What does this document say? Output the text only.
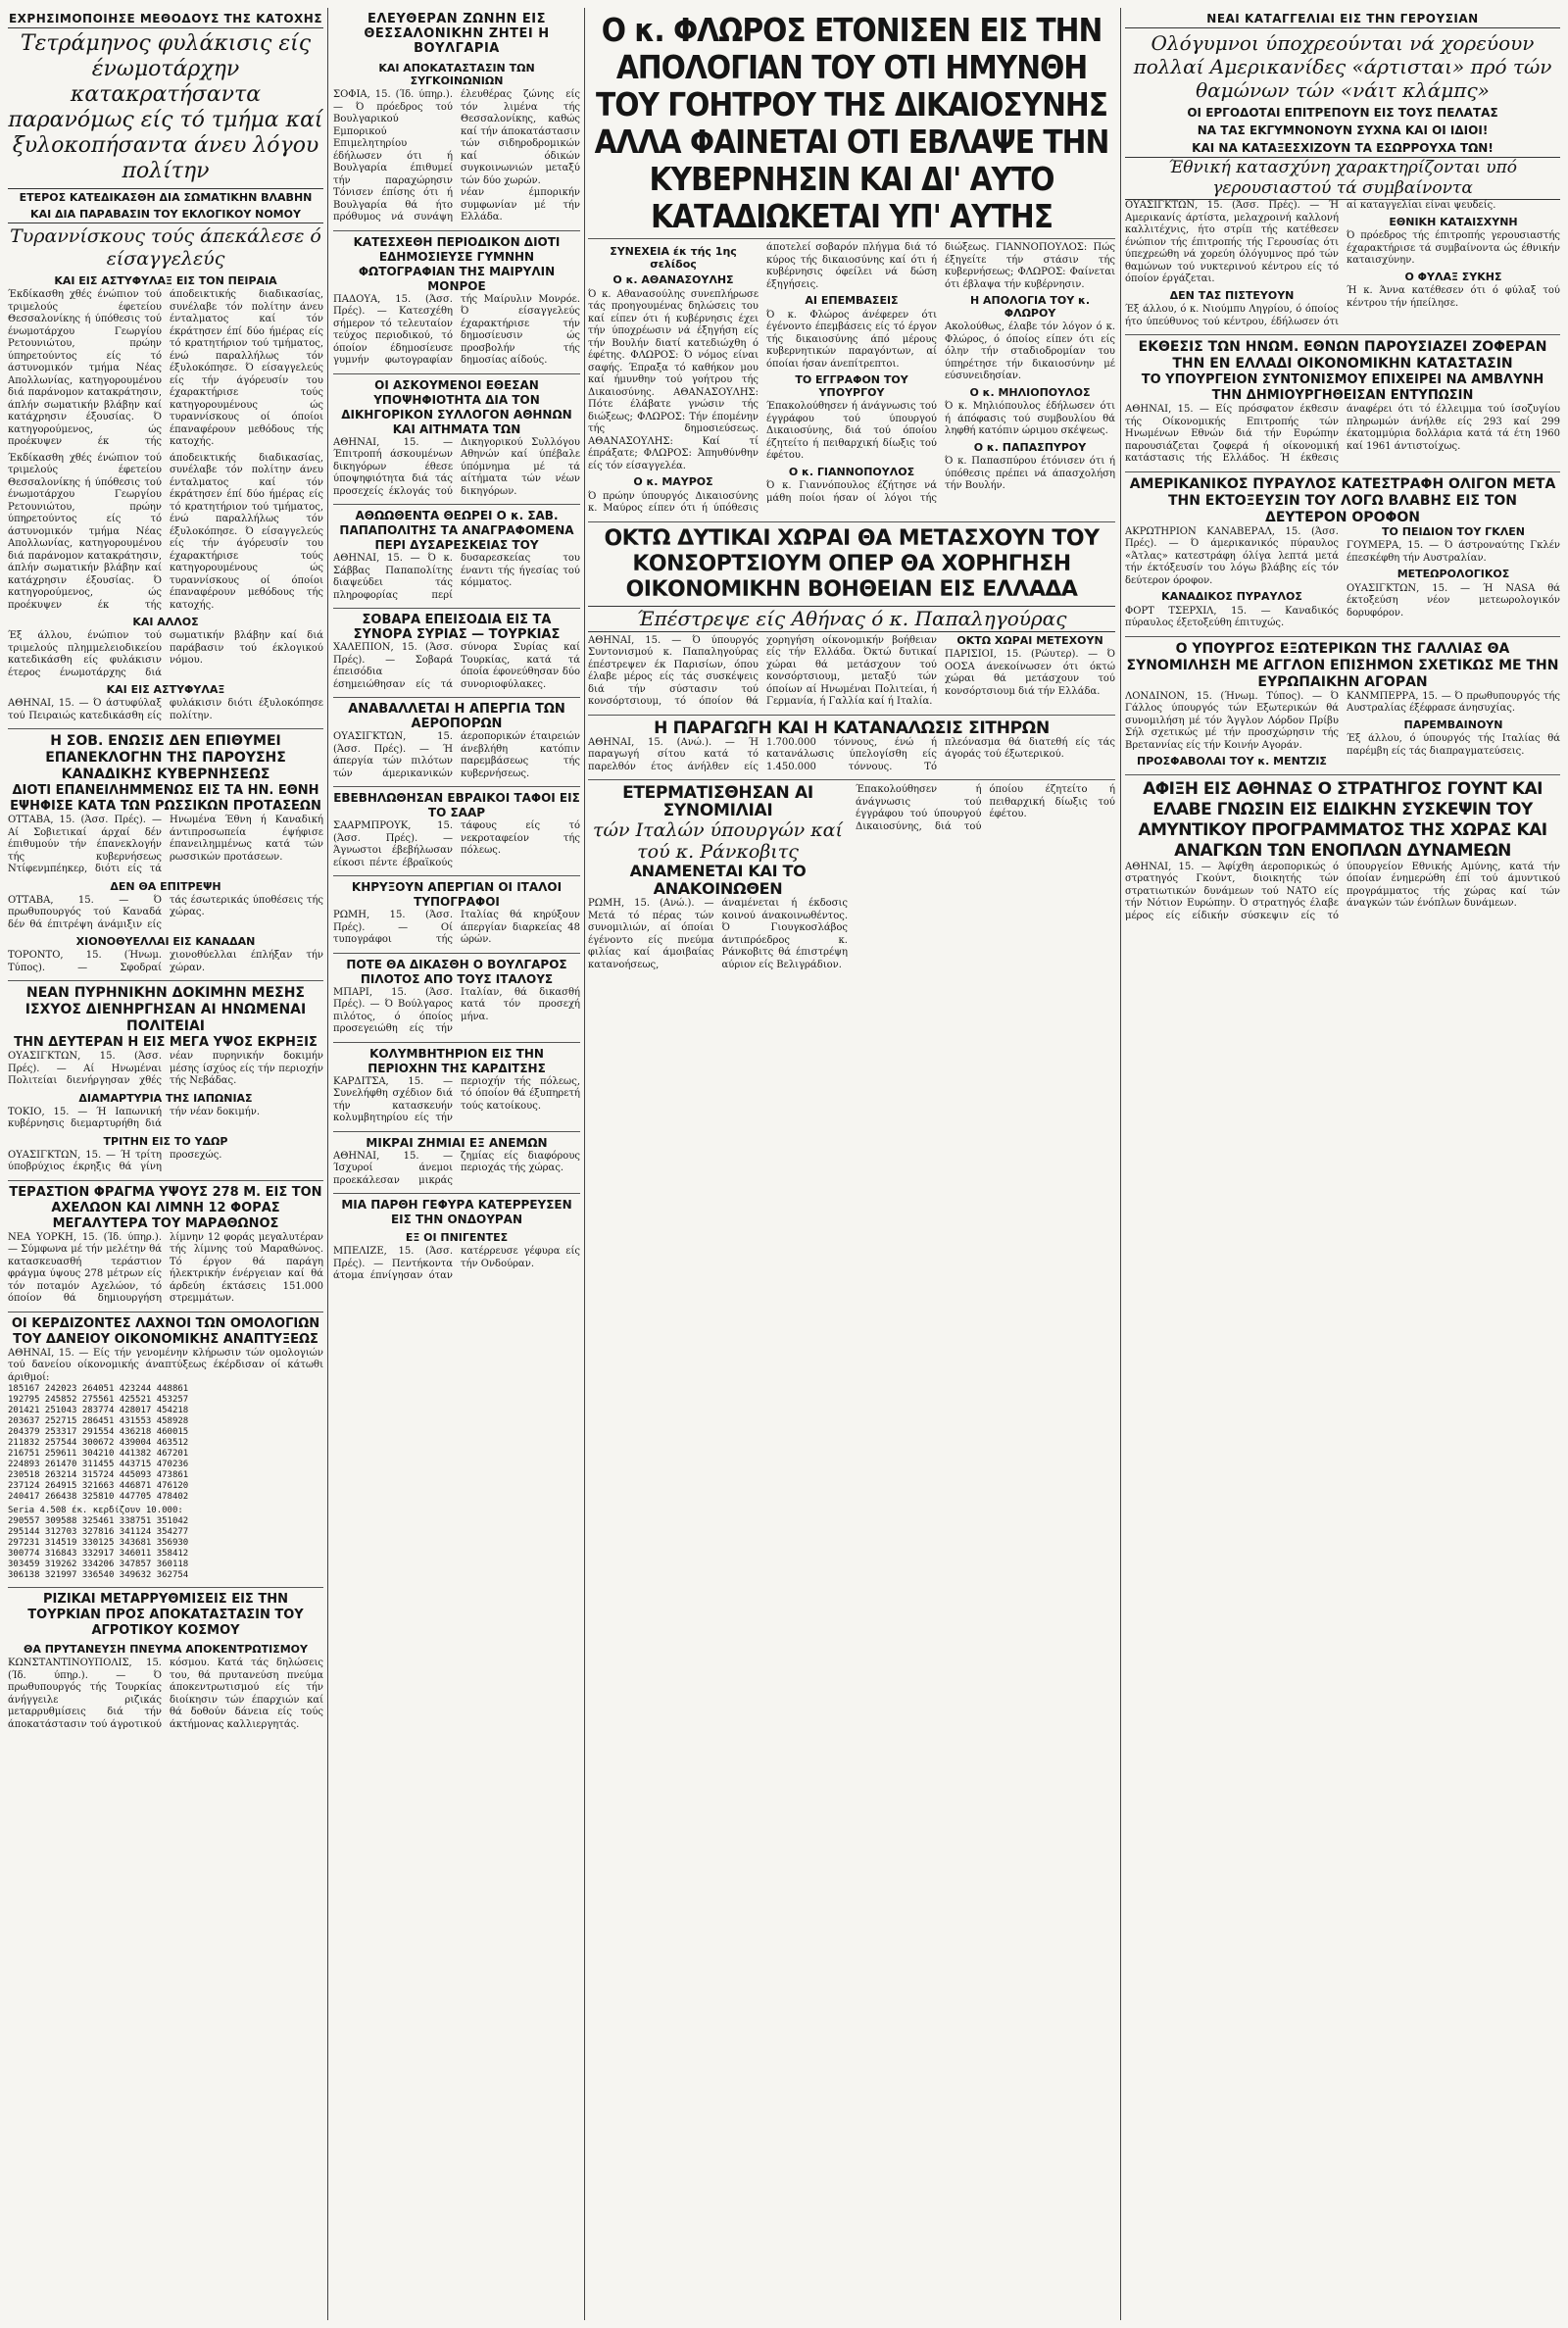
ΕΧΡΗΣΙΜΟΠΟΙΗΣΕ ΜΕΘΟΔΟΥΣ ΤΗΣ ΚΑΤΟΧΗΣ
Τετράμηνος φυλάκισις είς ένωμοτάρχην κατακρατήσαντα παρανόμως είς τό τμήμα καί ξυλοκοπήσαντα άνευ λόγου πολίτην
ΕΤΕΡΟΣ ΚΑΤΕΔΙΚΑΣΘΗ ΔΙΑ ΣΩΜΑΤΙΚΗΝ ΒΛΑΒΗΝ
ΚΑΙ ΔΙΑ ΠΑΡΑΒΑΣΙΝ ΤΟΥ ΕΚΛΟΓΙΚΟΥ ΝΟΜΟΥ
Τυραννίσκους τούς άπεκάλεσε ό είσαγγελεύς
ΚΑΙ ΕΙΣ ΑΣΤΥΦΥΛΑΞ ΕΙΣ ΤΟΝ ΠΕΙΡΑΙΑ
Έκδίκασθη χθές ένώπιον τού τριμελούς έφετείου Θεσσαλονίκης ή ύπόθεσις τού ένωμοτάρχου Γεωργίου Ρετουνιώτου, πρώην ύπηρετούντος είς τό άστυνομικόν τμήμα Νέας Απολλωνίας, κατηγορουμένου διά παράνομον κατακράτησιν, άπλήν σωματικήν βλάβην καί κατάχρησιν έξουσίας. Ό κατηγορούμενος, ώς προέκυψεν έκ τής άποδεικτικής διαδικασίας, συνέλαβε τόν πολίτην άνευ ένταλματος καί τόν έκράτησεν έπί δύο ήμέρας είς τό κρατητήριον τού τμήματος, ένώ παραλλήλως τόν έξυλοκόπησε. Ό είσαγγελεύς είς τήν άγόρευσίν του έχαρακτήρισε τούς κατηγορουμένους ώς τυραννίσκους οί όποίοι έπαναφέρουν μεθόδους τής κατοχής.
Έκδίκασθη χθές ένώπιον τού τριμελούς έφετείου Θεσσαλονίκης ή ύπόθεσις τού ένωμοτάρχου Γεωργίου Ρετουνιώτου, πρώην ύπηρετούντος είς τό άστυνομικόν τμήμα Νέας Απολλωνίας, κατηγορουμένου διά παράνομον κατακράτησιν, άπλήν σωματικήν βλάβην καί κατάχρησιν έξουσίας. Ό κατηγορούμενος, ώς προέκυψεν έκ τής άποδεικτικής διαδικασίας, συνέλαβε τόν πολίτην άνευ ένταλματος καί τόν έκράτησεν έπί δύο ήμέρας είς τό κρατητήριον τού τμήματος, ένώ παραλλήλως τόν έξυλοκόπησε. Ό είσαγγελεύς είς τήν άγόρευσίν του έχαρακτήρισε τούς κατηγορουμένους ώς τυραννίσκους οί όποίοι έπαναφέρουν μεθόδους τής κατοχής.
ΚΑΙ ΑΛΛΟΣ
Έξ άλλου, ένώπιον τού τριμελούς πλημμελειοδικείου κατεδικάσθη είς φυλάκισιν έτερος ένωμοτάρχης διά σωματικήν βλάβην καί διά παράβασιν τού έκλογικού νόμου.
ΚΑΙ ΕΙΣ ΑΣΤΥΦΥΛΑΞ
ΑΘΗΝΑΙ, 15. — Ό άστυφύλαξ τού Πειραιώς κατεδικάσθη είς φυλάκισιν διότι έξυλοκόπησε πολίτην.
Η ΣΟΒ. ΕΝΩΣΙΣ ΔΕΝ ΕΠΙΘΥΜΕΙ ΕΠΑΝΕΚΛΟΓΗΝ ΤΗΣ ΠΑΡΟΥΣΗΣ ΚΑΝΑΔΙΚΗΣ ΚΥΒΕΡΝΗΣΕΩΣ
ΔΙΟΤΙ ΕΠΑΝΕΙΛΗΜΜΕΝΩΣ ΕΙΣ ΤΑ ΗΝ. ΕΘΝΗ ΕΨΗΦΙΣΕ ΚΑΤΑ ΤΩΝ ΡΩΣΣΙΚΩΝ ΠΡΟΤΑΣΕΩΝ
ΟΤΤΑΒΑ, 15. (Άσσ. Πρές). — Αί Σοβιετικαί άρχαί δέν έπιθυμούν τήν έπανεκλογήν τής κυβερνήσεως Ντίφενμπέηκερ, διότι είς τά Ηνωμένα Έθνη ή Καναδική άντιπροσωπεία έψήφισε έπανειλημμένως κατά τών ρωσσικών προτάσεων.
ΔΕΝ ΘΑ ΕΠΙΤΡΕΨΗ
ΟΤΤΑΒΑ, 15. — Ό πρωθυπουργός τού Καναδά δέν θά έπιτρέψη άνάμιξιν είς τάς έσωτερικάς ύποθέσεις τής χώρας.
ΧΙΟΝΟΘΥΕΛΛΑΙ ΕΙΣ ΚΑΝΑΔΑΝ
ΤΟΡΟΝΤΟ, 15. (Ήνωμ. Τύπος). — Σφοδραί χιονοθύελλαι έπλήξαν τήν χώραν.
ΝΕΑΝ ΠΥΡΗΝΙΚΗΝ ΔΟΚΙΜΗΝ ΜΕΣΗΣ ΙΣΧΥΟΣ ΔΙΕΝΗΡΓΗΣΑΝ ΑΙ ΗΝΩΜΕΝΑΙ ΠΟΛΙΤΕΙΑΙ
ΤΗΝ ΔΕΥΤΕΡΑΝ Η ΕΙΣ ΜΕΓΑ ΥΨΟΣ ΕΚΡΗΞΙΣ
ΟΥΑΣΙΓΚΤΩΝ, 15. (Άσσ. Πρές). — Αί Ηνωμέναι Πολιτείαι διενήργησαν χθές νέαν πυρηνικήν δοκιμήν μέσης ίσχύος είς τήν περιοχήν τής Νεβάδας.
ΔΙΑΜΑΡΤΥΡΙΑ ΤΗΣ ΙΑΠΩΝΙΑΣ
ΤΟΚΙΟ, 15. — Ή Ιαπωνική κυβέρνησις διεμαρτυρήθη διά τήν νέαν δοκιμήν.
ΤΡΙΤΗΝ ΕΙΣ ΤΟ ΥΔΩΡ
ΟΥΑΣΙΓΚΤΩΝ, 15. — Ή τρίτη ύποβρύχιος έκρηξις θά γίνη προσεχώς.
ΤΕΡΑΣΤΙΟΝ ΦΡΑΓΜΑ ΥΨΟΥΣ 278 Μ. ΕΙΣ ΤΟΝ ΑΧΕΛΩΟΝ ΚΑΙ ΛΙΜΝΗ 12 ΦΟΡΑΣ ΜΕΓΑΛΥΤΕΡΑ ΤΟΥ ΜΑΡΑΘΩΝΟΣ
ΝΕΑ ΥΟΡΚΗ, 15. (Ίδ. ύπηρ.). — Σύμφωνα μέ τήν μελέτην θά κατασκευασθή τεράστιον φράγμα ύψους 278 μέτρων είς τόν ποταμόν Αχελώον, τό όποίον θά δημιουργήση λίμνην 12 φοράς μεγαλυτέραν τής λίμνης τού Μαραθώνος. Τό έργον θά παράγη ήλεκτρικήν ένέργειαν καί θά άρδεύη έκτάσεις 151.000 στρεμμάτων.
ΟΙ ΚΕΡΔΙΖΟΝΤΕΣ ΛΑΧΝΟΙ ΤΩΝ ΟΜΟΛΟΓΙΩΝ ΤΟΥ ΔΑΝΕΙΟΥ ΟΙΚΟΝΟΜΙΚΗΣ ΑΝΑΠΤΥΞΕΩΣ
ΑΘΗΝΑΙ, 15. — Είς τήν γενομένην κλήρωσιν τών ομολογιών τού δανείου οίκονομικής άναπτύξεως έκέρδισαν οί κάτωθι άριθμοί:
185167 242023 264051 423244 448861
192795 245852 275561 425521 453257
201421 251043 283774 428017 454218
203637 252715 286451 431553 458928
204379 253317 291554 436218 460015
211832 257544 300672 439004 463512
216751 259611 304210 441382 467201
224893 261470 311455 443715 470236
230518 263214 315724 445093 473861
237124 264915 321663 446871 476120
240417 266438 325810 447705 478402
Seria 4.508 έκ. κερδίζουν 10.000:
290557 309588 325461 338751 351042
295144 312703 327816 341124 354277
297231 314519 330125 343681 356930
300774 316843 332917 346011 358412
303459 319262 334206 347857 360118
306138 321997 336540 349632 362754
ΡΙΖΙΚΑΙ ΜΕΤΑΡΡΥΘΜΙΣΕΙΣ ΕΙΣ ΤΗΝ ΤΟΥΡΚΙΑΝ ΠΡΟΣ ΑΠΟΚΑΤΑΣΤΑΣΙΝ ΤΟΥ ΑΓΡΟΤΙΚΟΥ ΚΟΣΜΟΥ
ΘΑ ΠΡΥΤΑΝΕΥΣΗ ΠΝΕΥΜΑ ΑΠΟΚΕΝΤΡΩΤΙΣΜΟΥ
ΚΩΝΣΤΑΝΤΙΝΟΥΠΟΛΙΣ, 15. (Ίδ. ύπηρ.). — Ό πρωθυπουργός τής Τουρκίας άνήγγειλε ριζικάς μεταρρυθμίσεις διά τήν άποκατάστασιν τού άγροτικού κόσμου. Κατά τάς δηλώσεις του, θά πρυτανεύση πνεύμα άποκεντρωτισμού είς τήν διοίκησιν τών έπαρχιών καί θά δοθούν δάνεια είς τούς άκτήμονας καλλιεργητάς.
ΕΛΕΥΘΕΡΑΝ ΖΩΝΗΝ ΕΙΣ ΘΕΣΣΑΛΟΝΙΚΗΝ ΖΗΤΕΙ Η ΒΟΥΛΓΑΡΙΑ
ΚΑΙ ΑΠΟΚΑΤΑΣΤΑΣΙΝ ΤΩΝ ΣΥΓΚΟΙΝΩΝΙΩΝ
ΣΟΦΙΑ, 15. (Ίδ. ύπηρ.). — Ό πρόεδρος τού Βουλγαρικού Εμπορικού Επιμελητηρίου έδήλωσεν ότι ή Βουλγαρία έπιθυμεί τήν παραχώρησιν έλευθέρας ζώνης είς τόν λιμένα τής Θεσσαλονίκης, καθώς καί τήν άποκατάστασιν τών σιδηροδρομικών καί όδικών συγκοινωνιών μεταξύ τών δύο χωρών.
Τόνισεν έπίσης ότι ή Βουλγαρία θά ήτο πρόθυμος νά συνάψη νέαν έμπορικήν συμφωνίαν μέ τήν Ελλάδα.
ΚΑΤΕΣΧΕΘΗ ΠΕΡΙΟΔΙΚΟΝ ΔΙΟΤΙ ΕΔΗΜΟΣΙΕΥΣΕ ΓΥΜΝΗΝ ΦΩΤΟΓΡΑΦΙΑΝ ΤΗΣ ΜΑΙΡΥΛΙΝ ΜΟΝΡΟΕ
ΠΑΔΟΥΑ, 15. (Άσσ. Πρές). — Κατεσχέθη σήμερον τό τελευταίον τεύχος περιοδικού, τό όποίον έδημοσίευσε γυμνήν φωτογραφίαν τής Μαίρυλιν Μονρόε. Ό είσαγγελεύς έχαρακτήρισε τήν δημοσίευσιν ώς προσβολήν τής δημοσίας αίδούς.
ΟΙ ΑΣΚΟΥΜΕΝΟΙ ΕΘΕΣΑΝ ΥΠΟΨΗΦΙΟΤΗΤΑ ΔΙΑ ΤΟΝ ΔΙΚΗΓΟΡΙΚΟΝ ΣΥΛΛΟΓΟΝ ΑΘΗΝΩΝ ΚΑΙ ΑΙΤΗΜΑΤΑ ΤΩΝ
ΑΘΗΝΑΙ, 15. — Έπιτροπή άσκουμένων δικηγόρων έθεσε ύποψηφιότητα διά τάς προσεχείς έκλογάς τού Δικηγορικού Συλλόγου Αθηνών καί ύπέβαλε ύπόμνημα μέ τά αίτήματα τών νέων δικηγόρων.
ΑΘΩΩΘΕΝΤΑ ΘΕΩΡΕΙ Ο κ. ΣΑΒ. ΠΑΠΑΠΟΛΙΤΗΣ ΤΑ ΑΝΑΓΡΑΦΟΜΕΝΑ ΠΕΡΙ ΔΥΣΑΡΕΣΚΕΙΑΣ ΤΟΥ
ΑΘΗΝΑΙ, 15. — Ό κ. Σάββας Παπαπολίτης διαψεύδει τάς πληροφορίας περί δυσαρεσκείας του έναντι τής ήγεσίας τού κόμματος.
ΣΟΒΑΡΑ ΕΠΕΙΣΟΔΙΑ ΕΙΣ ΤΑ ΣΥΝΟΡΑ ΣΥΡΙΑΣ — ΤΟΥΡΚΙΑΣ
ΧΑΛΕΠΙΟΝ, 15. (Άσσ. Πρές). — Σοβαρά έπεισόδια έσημειώθησαν είς τά σύνορα Συρίας καί Τουρκίας, κατά τά όποία έφονεύθησαν δύο συνοριοφύλακες.
ΑΝΑΒΑΛΛΕΤΑΙ Η ΑΠΕΡΓΙΑ ΤΩΝ ΑΕΡΟΠΟΡΩΝ
ΟΥΑΣΙΓΚΤΩΝ, 15. (Άσσ. Πρές). — Ή άπεργία τών πιλότων τών άμερικανικών άεροπορικών έταιρειών άνεβλήθη κατόπιν παρεμβάσεως τής κυβερνήσεως.
ΕΒΕΒΗΛΩΘΗΣΑΝ ΕΒΡΑΙΚΟΙ ΤΑΦΟΙ ΕΙΣ ΤΟ ΣΑΑΡ
ΣΑΑΡΜΠΡΟΥΚ, 15. (Άσσ. Πρές). — Άγνωστοι έβεβήλωσαν είκοσι πέντε έβραϊκούς τάφους είς τό νεκροταφείον τής πόλεως.
ΚΗΡΥΞΟΥΝ ΑΠΕΡΓΙΑΝ ΟΙ ΙΤΑΛΟΙ ΤΥΠΟΓΡΑΦΟΙ
ΡΩΜΗ, 15. (Άσσ. Πρές). — Οί τυπογράφοι τής Ιταλίας θά κηρύξουν άπεργίαν διαρκείας 48 ώρών.
ΠΟΤΕ ΘΑ ΔΙΚΑΣΘΗ Ο ΒΟΥΛΓΑΡΟΣ ΠΙΛΟΤΟΣ ΑΠΟ ΤΟΥΣ ΙΤΑΛΟΥΣ
ΜΠΑΡΙ, 15. (Άσσ. Πρές). — Ό Βούλγαρος πιλότος, ό όποίος προσεγειώθη είς τήν Ιταλίαν, θά δικασθή κατά τόν προσεχή μήνα.
ΚΟΛΥΜΒΗΤΗΡΙΟΝ ΕΙΣ ΤΗΝ ΠΕΡΙΟΧΗΝ ΤΗΣ ΚΑΡΔΙΤΣΗΣ
ΚΑΡΔΙΤΣΑ, 15. — Συνελήφθη σχέδιον διά τήν κατασκευήν κολυμβητηρίου είς τήν περιοχήν τής πόλεως, τό όποίον θά έξυπηρετή τούς κατοίκους.
ΜΙΚΡΑΙ ΖΗΜΙΑΙ ΕΞ ΑΝΕΜΩΝ
ΑΘΗΝΑΙ, 15. — Ίσχυροί άνεμοι προεκάλεσαν μικράς ζημίας είς διαφόρους περιοχάς τής χώρας.
ΜΙΑ ΠΑΡΘΗ ΓΕΦΥΡΑ ΚΑΤΕΡΡΕΥΣΕΝ ΕΙΣ ΤΗΝ ΟΝΔΟΥΡΑΝ
ΕΞ ΟΙ ΠΝΙΓΕΝΤΕΣ
ΜΠΕΛΙΖΕ, 15. (Άσσ. Πρές). — Πεντήκοντα άτομα έπνίγησαν όταν κατέρρευσε γέφυρα είς τήν Ονδούραν.
Ο κ. ΦΛΩΡΟΣ ΕΤΟΝΙΣΕΝ ΕΙΣ ΤΗΝ ΑΠΟΛΟΓΙΑΝ ΤΟΥ ΟΤΙ ΗΜΥΝΘΗ ΤΟΥ ΓΟΗΤΡΟΥ ΤΗΣ ΔΙΚΑΙΟΣΥΝΗΣ ΑΛΛΑ ΦΑΙΝΕΤΑΙ ΟΤΙ ΕΒΛΑΨΕ ΤΗΝ ΚΥΒΕΡΝΗΣΙΝ ΚΑΙ ΔΙ' ΑΥΤΟ ΚΑΤΑΔΙΩΚΕΤΑΙ ΥΠ' ΑΥΤΗΣ
ΣΥΝΕΧΕΙΑ έκ τής 1ης σελίδος
Ο κ. ΑΘΑΝΑΣΟΥΛΗΣ
Ό κ. Αθανασούλης συνεπλήρωσε τάς προηγουμένας δηλώσεις του καί είπεν ότι ή κυβέρνησις έχει τήν ύποχρέωσιν νά έξηγήση είς τήν Βουλήν διατί κατεδιώχθη ό έφέτης. ΦΛΩΡΟΣ: Ό νόμος είναι σαφής. Έπραξα τό καθήκον μου καί ήμυνθην τού γοήτρου τής Δικαιοσύνης. ΑΘΑΝΑΣΟΥΛΗΣ: Πότε έλάβατε γνώσιν τής διώξεως; ΦΛΩΡΟΣ: Τήν έπομένην τής δημοσιεύσεως. ΑΘΑΝΑΣΟΥΛΗΣ: Καί τί έπράξατε; ΦΛΩΡΟΣ: Άπηυθύνθην είς τόν είσαγγελέα.
Ο κ. ΜΑΥΡΟΣ
Ό πρώην ύπουργός Δικαιοσύνης κ. Μαύρος είπεν ότι ή ύπόθεσις άποτελεί σοβαρόν πλήγμα διά τό κύρος τής δικαιοσύνης καί ότι ή κυβέρνησις όφείλει νά δώση έξηγήσεις.
ΑΙ ΕΠΕΜΒΑΣΕΙΣ
Ό κ. Φλώρος άνέφερεν ότι έγένοντο έπεμβάσεις είς τό έργον τής δικαιοσύνης άπό μέρους κυβερνητικών παραγόντων, αί όποίαι ήσαν άνεπίτρεπτοι.
ΤΟ ΕΓΓΡΑΦΟΝ ΤΟΥ ΥΠΟΥΡΓΟΥ
Έπακολούθησεν ή άνάγνωσις τού έγγράφου τού ύπουργού Δικαιοσύνης, διά τού όποίου έζητείτο ή πειθαρχική δίωξις τού έφέτου.
Ο κ. ΓΙΑΝΝΟΠΟΥΛΟΣ
Ό κ. Γιαννόπουλος έζήτησε νά μάθη ποίοι ήσαν οί λόγοι τής διώξεως. ΓΙΑΝΝΟΠΟΥΛΟΣ: Πώς έξηγείτε τήν στάσιν τής κυβερνήσεως; ΦΛΩΡΟΣ: Φαίνεται ότι έβλαψα τήν κυβέρνησιν.
Η ΑΠΟΛΟΓΙΑ ΤΟΥ κ. ΦΛΩΡΟΥ
Ακολούθως, έλαβε τόν λόγον ό κ. Φλώρος, ό όποίος είπεν ότι είς όλην τήν σταδιοδρομίαν του ύπηρέτησε τήν δικαιοσύνην μέ εύσυνειδησίαν.
Ο κ. ΜΗΛΙΟΠΟΥΛΟΣ
Ό κ. Μηλιόπουλος έδήλωσεν ότι ή άπόφασις τού συμβουλίου θά ληφθή κατόπιν ώριμου σκέψεως.
Ο κ. ΠΑΠΑΣΠΥΡΟΥ
Ό κ. Παπασπύρου έτόνισεν ότι ή ύπόθεσις πρέπει νά άπασχολήση τήν Βουλήν.
ΟΚΤΩ ΔΥΤΙΚΑΙ ΧΩΡΑΙ ΘΑ ΜΕΤΑΣΧΟΥΝ ΤΟΥ ΚΟΝΣΟΡΤΣΙΟΥΜ ΟΠΕΡ ΘΑ ΧΟΡΗΓΗΣΗ ΟΙΚΟΝΟΜΙΚΗΝ ΒΟΗΘΕΙΑΝ ΕΙΣ ΕΛΛΑΔΑ
Έπέστρεψε είς Αθήνας ό κ. Παπαληγούρας
ΑΘΗΝΑΙ, 15. — Ό ύπουργός Συντονισμού κ. Παπαληγούρας έπέστρεψεν έκ Παρισίων, όπου έλαβε μέρος είς τάς συσκέψεις διά τήν σύστασιν τού κονσόρτσιουμ, τό όποίον θά χορηγήση οίκονομικήν βοήθειαν είς τήν Ελλάδα. Όκτώ δυτικαί χώραι θά μετάσχουν τού κονσόρτσιουμ, μεταξύ τών όποίων αί Ηνωμέναι Πολιτείαι, ή Γερμανία, ή Γαλλία καί ή Ιταλία.
ΟΚΤΩ ΧΩΡΑΙ ΜΕΤΕΧΟΥΝ
ΠΑΡΙΣΙΟΙ, 15. (Ρώυτερ). — Ό ΟΟΣΑ άνεκοίνωσεν ότι όκτώ χώραι θά μετάσχουν τού κονσόρτσιουμ διά τήν Ελλάδα.
Η ΠΑΡΑΓΩΓΗ ΚΑΙ Η ΚΑΤΑΝΑΛΩΣΙΣ ΣΙΤΗΡΩΝ
ΑΘΗΝΑΙ, 15. (Ανώ.). — Ή παραγωγή σίτου κατά τό παρελθόν έτος άνήλθεν είς 1.700.000 τόννους, ένώ ή κατανάλωσις ύπελογίσθη είς 1.450.000 τόννους. Τό πλεόνασμα θά διατεθή είς τάς άγοράς τού έξωτερικού.
ΕΤΕΡΜΑΤΙΣΘΗΣΑΝ ΑΙ ΣΥΝΟΜΙΛΙΑΙ
τών Ιταλών ύπουργών καί τού κ. Ράνκοβιτς
ΑΝΑΜΕΝΕΤΑΙ ΚΑΙ ΤΟ ΑΝΑΚΟΙΝΩΘΕΝ
ΡΩΜΗ, 15. (Ανώ.). — Μετά τό πέρας τών συνομιλιών, αί όποίαι έγένοντο είς πνεύμα φιλίας καί άμοιβαίας κατανοήσεως, άναμένεται ή έκδοσις κοινού άνακοινωθέντος. Ό Γιουγκοσλάβος άντιπρόεδρος κ. Ράνκοβιτς θά έπιστρέψη αύριον είς Βελιγράδιον.
Έπακολούθησεν ή άνάγνωσις τού έγγράφου τού ύπουργού Δικαιοσύνης, διά τού όποίου έζητείτο ή πειθαρχική δίωξις τού έφέτου.
ΝΕΑΙ ΚΑΤΑΓΓΕΛΙΑΙ ΕΙΣ ΤΗΝ ΓΕΡΟΥΣΙΑΝ
Ολόγυμνοι ύποχρεούνται νά χορεύουν πολλαί Αμερικανίδες «άρτισται» πρό τών θαμώνων τών «νάιτ κλάμπς»
ΟΙ ΕΡΓΟΔΟΤΑΙ ΕΠΙΤΡΕΠΟΥΝ ΕΙΣ ΤΟΥΣ ΠΕΛΑΤΑΣ
ΝΑ ΤΑΣ ΕΚΓΥΜΝΟΝΟΥΝ ΣΥΧΝΑ ΚΑΙ ΟΙ ΙΔΙΟΙ!
ΚΑΙ ΝΑ ΚΑΤΑΞΕΣΧΙΖΟΥΝ ΤΑ ΕΣΩΡΡΟΥΧΑ ΤΩΝ!
Έθνική κατασχύνη χαρακτηρίζονται υπό γερουσιαστού τά συμβαίνοντα
ΟΥΑΣΙΓΚΤΩΝ, 15. (Άσσ. Πρές). — Ή Αμερικανίς άρτίστα, μελαχροινή καλλονή καλλιτέχνις, ήτο στρίπ τής κατέθεσεν ένώπιον τής έπιτροπής τής Γερουσίας ότι ύπεχρεώθη νά χορεύη όλόγυμνος πρό τών θαμώνων τού νυκτερινού κέντρου είς τό όποίον έργάζεται.
ΔΕΝ ΤΑΣ ΠΙΣΤΕΥΟΥΝ
Έξ άλλου, ό κ. Νιούμπυ Ληγρίου, ό όποίος ήτο ύπεύθυνος τού κέντρου, έδήλωσεν ότι αί καταγγελίαι είναι ψευδείς.
ΕΘΝΙΚΗ ΚΑΤΑΙΣΧΥΝΗ
Ό πρόεδρος τής έπιτροπής γερουσιαστής έχαρακτήρισε τά συμβαίνοντα ώς έθνικήν καταισχύνην.
Ο ΦΥΛΑΞ ΣΥΚΗΣ
Ή κ. Άννα κατέθεσεν ότι ό φύλαξ τού κέντρου τήν ήπείλησε.
ΕΚΘΕΣΙΣ ΤΩΝ ΗΝΩΜ. ΕΘΝΩΝ ΠΑΡΟΥΣΙΑΖΕΙ ΖΟΦΕΡΑΝ ΤΗΝ ΕΝ ΕΛΛΑΔΙ ΟΙΚΟΝΟΜΙΚΗΝ ΚΑΤΑΣΤΑΣΙΝ
ΤΟ ΥΠΟΥΡΓΕΙΟΝ ΣΥΝΤΟΝΙΣΜΟΥ ΕΠΙΧΕΙΡΕΙ ΝΑ ΑΜΒΛΥΝΗ ΤΗΝ ΔΗΜΙΟΥΡΓΗΘΕΙΣΑΝ ΕΝΤΥΠΩΣΙΝ
ΑΘΗΝΑΙ, 15. — Είς πρόσφατον έκθεσιν τής Οίκονομικής Επιτροπής τών Ηνωμένων Εθνών διά τήν Ευρώπην παρουσιάζεται ζοφερά ή οίκονομική κατάστασις τής Ελλάδος. Ή έκθεσις άναφέρει ότι τό έλλειμμα τού ίσοζυγίου πληρωμών άνήλθε είς 293 καί 299 έκατομμύρια δολλάρια κατά τά έτη 1960 καί 1961 άντιστοίχως.
ΑΜΕΡΙΚΑΝΙΚΟΣ ΠΥΡΑΥΛΟΣ ΚΑΤΕΣΤΡΑΦΗ ΟΛΙΓΟΝ ΜΕΤΑ ΤΗΝ ΕΚΤΟΞΕΥΣΙΝ ΤΟΥ ΛΟΓΩ ΒΛΑΒΗΣ ΕΙΣ ΤΟΝ ΔΕΥΤΕΡΟΝ ΟΡΟΦΟΝ
ΑΚΡΩΤΗΡΙΟΝ ΚΑΝΑΒΕΡΑΛ, 15. (Άσσ. Πρές). — Ό άμερικανικός πύραυλος «Άτλας» κατεστράφη όλίγα λεπτά μετά τήν έκτόξευσίν του λόγω βλάβης είς τόν δεύτερον όροφον.
ΚΑΝΑΔΙΚΟΣ ΠΥΡΑΥΛΟΣ
ΦΟΡΤ ΤΣΕΡΧΙΛ, 15. — Καναδικός πύραυλος έξετοξεύθη έπιτυχώς.
ΤΟ ΠΕΙΔΙΟΝ ΤΟΥ ΓΚΛΕΝ
ΓΟΥΜΕΡΑ, 15. — Ό άστροναύτης Γκλέν έπεσκέφθη τήν Αυστραλίαν.
ΜΕΤΕΩΡΟΛΟΓΙΚΟΣ
ΟΥΑΣΙΓΚΤΩΝ, 15. — Ή NASA θά έκτοξεύση νέον μετεωρολογικόν δορυφόρον.
Ο ΥΠΟΥΡΓΟΣ ΕΞΩΤΕΡΙΚΩΝ ΤΗΣ ΓΑΛΛΙΑΣ ΘΑ ΣΥΝΟΜΙΛΗΣΗ ΜΕ ΑΓΓΛΟΝ ΕΠΙΣΗΜΟΝ ΣΧΕΤΙΚΩΣ ΜΕ ΤΗΝ ΕΥΡΩΠΑΙΚΗΝ ΑΓΟΡΑΝ
ΛΟΝΔΙΝΟΝ, 15. (Ήνωμ. Τύπος). — Ό Γάλλος ύπουργός τών Εξωτερικών θά συνομιλήση μέ τόν Άγγλον Λόρδον Πρίβυ Σήλ σχετικώς μέ τήν προσχώρησιν τής Βρεταννίας είς τήν Κοινήν Αγοράν.
ΠΡΟΣΦΑΒΟΛΑΙ ΤΟΥ κ. ΜΕΝΤΖΙΣ
ΚΑΝΜΠΕΡΡΑ, 15. — Ό πρωθυπουργός τής Αυστραλίας έξέφρασε άνησυχίας.
ΠΑΡΕΜΒΑΙΝΟΥΝ
Έξ άλλου, ό ύπουργός τής Ιταλίας θά παρέμβη είς τάς διαπραγματεύσεις.
ΑΦΙΞΗ ΕΙΣ ΑΘΗΝΑΣ Ο ΣΤΡΑΤΗΓΟΣ ΓΟΥΝΤ ΚΑΙ ΕΛΑΒΕ ΓΝΩΣΙΝ ΕΙΣ ΕΙΔΙΚΗΝ ΣΥΣΚΕΨΙΝ ΤΟΥ ΑΜΥΝΤΙΚΟΥ ΠΡΟΓΡΑΜΜΑΤΟΣ ΤΗΣ ΧΩΡΑΣ ΚΑΙ ΑΝΑΓΚΩΝ ΤΩΝ ΕΝΟΠΛΩΝ ΔΥΝΑΜΕΩΝ
ΑΘΗΝΑΙ, 15. — Άφίχθη άεροπορικώς ό στρατηγός Γκούντ, διοικητής τών στρατιωτικών δυνάμεων τού ΝΑΤΟ είς τήν Νότιον Ευρώπην. Ό στρατηγός έλαβε μέρος είς είδικήν σύσκεψιν είς τό ύπουργείον Εθνικής Αμύνης, κατά τήν όποίαν ένημερώθη έπί τού άμυντικού προγράμματος τής χώρας καί τών άναγκών τών ένόπλων δυνάμεων.
